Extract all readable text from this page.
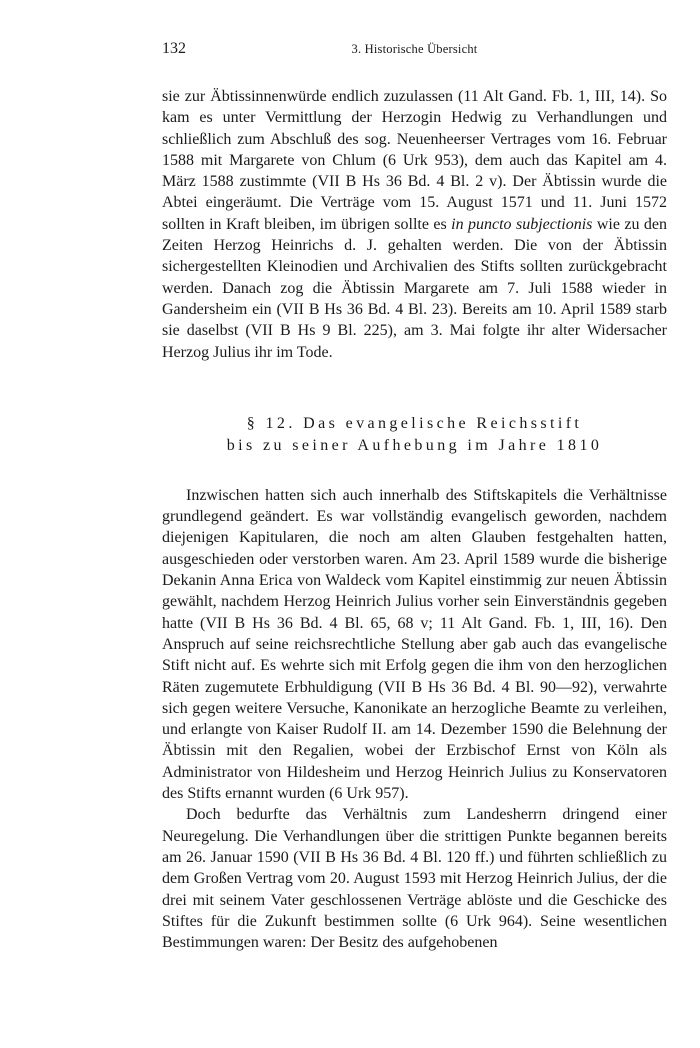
132	3. Historische Übersicht

sie zur Äbtissinnenwürde endlich zuzulassen (11 Alt Gand. Fb. 1, III, 14). So kam es unter Vermittlung der Herzogin Hedwig zu Verhandlungen und schließlich zum Abschluß des sog. Neuenheerser Vertrages vom 16. Februar 1588 mit Margarete von Chlum (6 Urk 953), dem auch das Kapitel am 4. März 1588 zustimmte (VII B Hs 36 Bd. 4 Bl. 2 v). Der Äbtissin wurde die Abtei eingeräumt. Die Verträge vom 15. August 1571 und 11. Juni 1572 sollten in Kraft bleiben, im übrigen sollte es in puncto subjectionis wie zu den Zeiten Herzog Heinrichs d. J. gehalten werden. Die von der Äbtissin sichergestellten Kleinodien und Archivalien des Stifts sollten zurückgebracht werden. Danach zog die Äbtissin Margarete am 7. Juli 1588 wieder in Gandersheim ein (VII B Hs 36 Bd. 4 Bl. 23). Bereits am 10. April 1589 starb sie daselbst (VII B Hs 9 Bl. 225), am 3. Mai folgte ihr alter Widersacher Herzog Julius ihr im Tode.

§ 12. Das evangelische Reichsstift
bis zu seiner Aufhebung im Jahre 1810

Inzwischen hatten sich auch innerhalb des Stiftskapitels die Verhältnisse grundlegend geändert. Es war vollständig evangelisch geworden, nachdem diejenigen Kapitularen, die noch am alten Glauben festgehalten hatten, ausgeschieden oder verstorben waren. Am 23. April 1589 wurde die bisherige Dekanin Anna Erica von Waldeck vom Kapitel einstimmig zur neuen Äbtissin gewählt, nachdem Herzog Heinrich Julius vorher sein Einverständnis gegeben hatte (VII B Hs 36 Bd. 4 Bl. 65, 68 v; 11 Alt Gand. Fb. 1, III, 16). Den Anspruch auf seine reichsrechtliche Stellung aber gab auch das evangelische Stift nicht auf. Es wehrte sich mit Erfolg gegen die ihm von den herzoglichen Räten zugemutete Erbhuldigung (VII B Hs 36 Bd. 4 Bl. 90—92), verwahrte sich gegen weitere Versuche, Kanonikate an herzogliche Beamte zu verleihen, und erlangte von Kaiser Rudolf II. am 14. Dezember 1590 die Belehnung der Äbtissin mit den Regalien, wobei der Erzbischof Ernst von Köln als Administrator von Hildesheim und Herzog Heinrich Julius zu Konservatoren des Stifts ernannt wurden (6 Urk 957).

Doch bedurfte das Verhältnis zum Landesherrn dringend einer Neuregelung. Die Verhandlungen über die strittigen Punkte begannen bereits am 26. Januar 1590 (VII B Hs 36 Bd. 4 Bl. 120 ff.) und führten schließlich zu dem Großen Vertrag vom 20. August 1593 mit Herzog Heinrich Julius, der die drei mit seinem Vater geschlossenen Verträge ablöste und die Geschicke des Stiftes für die Zukunft bestimmen sollte (6 Urk 964). Seine wesentlichen Bestimmungen waren: Der Besitz des aufgehobenen
